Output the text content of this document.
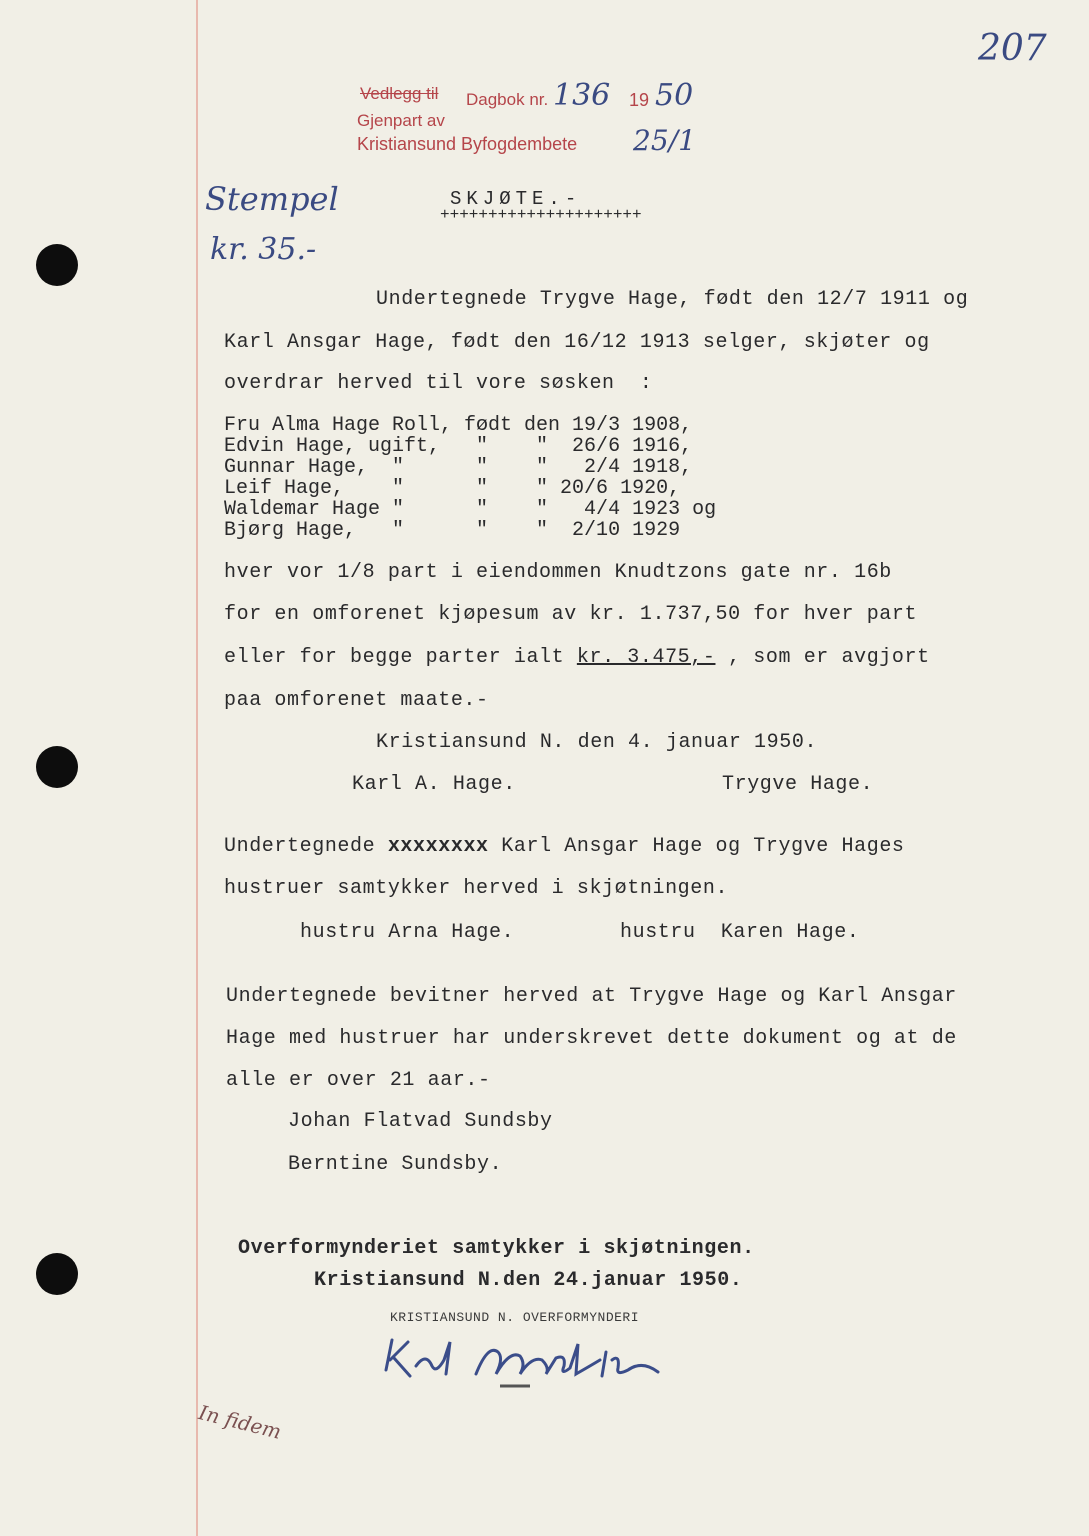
207
Vedlegg til Dagbok nr. 136 19 50
Gjenpart av
Kristiansund Byfogdembete 25/1
Stempel
kr. 35.-
SKJØTE.-
+++++++++++++++++++++
Undertegnede Trygve Hage, født den 12/7 1911 og
Karl Ansgar Hage, født den 16/12 1913 selger, skjøter og
overdrar herved til vore søsken  :
Fru Alma Hage Roll, født den 19/3 1908,
Edvin Hage, ugift,   "    "  26/6 1916,
Gunnar Hage,  "      "    "   2/4 1918,
Leif Hage,    "      "    " 20/6 1920,
Waldemar Hage "      "    "   4/4 1923 og
Bjørg Hage,   "      "    "  2/10 1929
hver vor 1/8 part i eiendommen Knudtzons gate nr. 16b
for en omforenet kjøpesum av kr. 1.737,50 for hver part
eller for begge parter ialt kr. 3.475,- , som er avgjort
paa omforenet maate.-
Kristiansund N. den 4. januar 1950.
Karl A. Hage.	Trygve Hage.
Undertegnede xxxxxxxx Karl Ansgar Hage og Trygve Hages
hustruer samtykker herved i skjøtningen.
hustru Arna Hage.	hustru  Karen Hage.
Undertegnede bevitner herved at Trygve Hage og Karl Ansgar
Hage med hustruer har underskrevet dette dokument og at de
alle er over 21 aar.-
Johan Flatvad Sundsby
Berntine Sundsby.
Overformynderiet samtykker i skjøtningen.
Kristiansund N.den 24.januar 1950.
KRISTIANSUND N. OVERFORMYNDERI
In fidem
